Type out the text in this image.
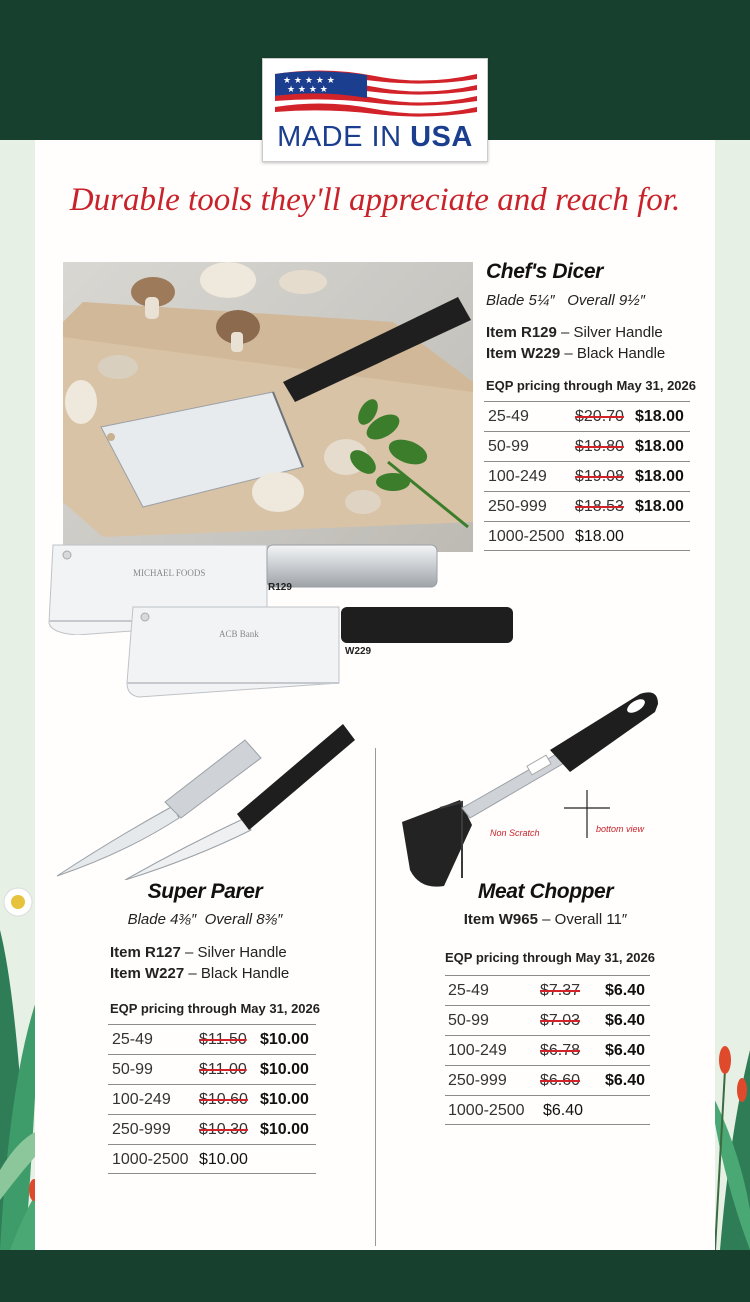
★ ★ ★ ★ ★
★ ★ ★ ★
MADE IN USA
Durable tools they'll appreciate and reach for.
MICHAEL FOODS
R129
ACB Bank
W229
Chef's Dicer
Blade 5¼″   Overall 9½″
Item R129 – Silver Handle
Item W229 – Black Handle
EQP pricing through May 31, 2026
25-49	$20.70 $18.00
50-99	$19.80 $18.00
100-249 $19.08 $18.00
250-999 $18.53 $18.00
1000-2500 $18.00
Super Parer
Blade 4⅜″  Overall 8⅜″
Item R127 – Silver Handle
Item W227 – Black Handle
EQP pricing through May 31, 2026
25-49	$11.50 $10.00
50-99	$11.00 $10.00
100-249 $10.60 $10.00
250-999 $10.30 $10.00
1000-2500 $10.00
Non Scratch	bottom view
Meat Chopper
Item W965 – Overall 11″
EQP pricing through May 31, 2026
25-49	$7.37 $6.40
50-99	$7.03 $6.40
100-249 $6.78 $6.40
250-999 $6.60 $6.40
1000-2500 $6.40
